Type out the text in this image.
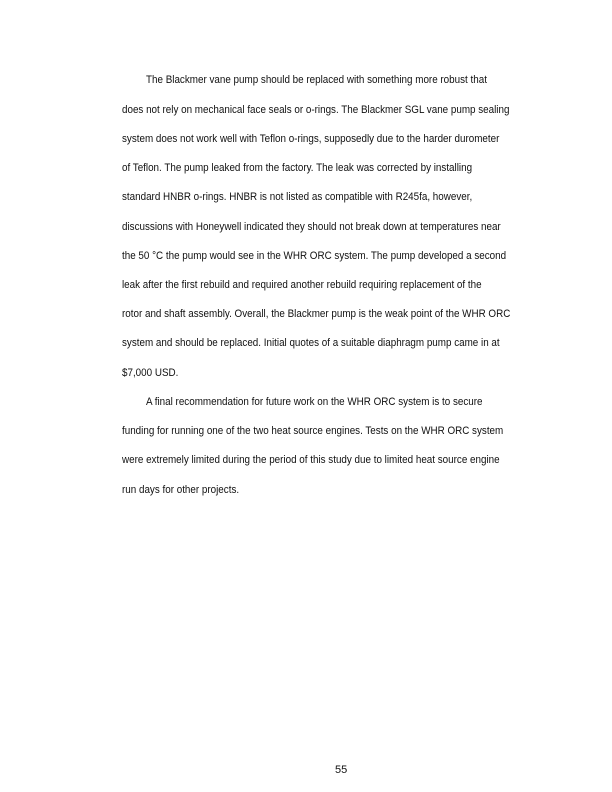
The Blackmer vane pump should be replaced with something more robust that
does not rely on mechanical face seals or o-rings. The Blackmer SGL vane pump sealing
system does not work well with Teflon o-rings, supposedly due to the harder durometer
of Teflon. The pump leaked from the factory. The leak was corrected by installing
standard HNBR o-rings. HNBR is not listed as compatible with R245fa, however,
discussions with Honeywell indicated they should not break down at temperatures near
the 50 °C the pump would see in the WHR ORC system. The pump developed a second
leak after the first rebuild and required another rebuild requiring replacement of the
rotor and shaft assembly. Overall, the Blackmer pump is the weak point of the WHR ORC
system and should be replaced. Initial quotes of a suitable diaphragm pump came in at
$7,000 USD.
A final recommendation for future work on the WHR ORC system is to secure
funding for running one of the two heat source engines. Tests on the WHR ORC system
were extremely limited during the period of this study due to limited heat source engine
run days for other projects.
55
